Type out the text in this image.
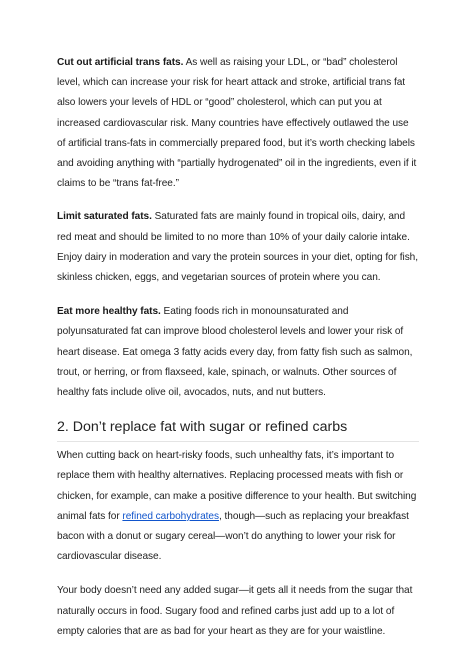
Cut out artificial trans fats. As well as raising your LDL, or “bad” cholesterol level, which can increase your risk for heart attack and stroke, artificial trans fat also lowers your levels of HDL or “good” cholesterol, which can put you at increased cardiovascular risk. Many countries have effectively outlawed the use of artificial trans-fats in commercially prepared food, but it’s worth checking labels and avoiding anything with “partially hydrogenated” oil in the ingredients, even if it claims to be “trans fat-free.”

Limit saturated fats. Saturated fats are mainly found in tropical oils, dairy, and red meat and should be limited to no more than 10% of your daily calorie intake. Enjoy dairy in moderation and vary the protein sources in your diet, opting for fish, skinless chicken, eggs, and vegetarian sources of protein where you can.

Eat more healthy fats. Eating foods rich in monounsaturated and polyunsaturated fat can improve blood cholesterol levels and lower your risk of heart disease. Eat omega 3 fatty acids every day, from fatty fish such as salmon, trout, or herring, or from flaxseed, kale, spinach, or walnuts. Other sources of healthy fats include olive oil, avocados, nuts, and nut butters.

2. Don’t replace fat with sugar or refined carbs

When cutting back on heart-risky foods, such unhealthy fats, it’s important to replace them with healthy alternatives. Replacing processed meats with fish or chicken, for example, can make a positive difference to your health. But switching animal fats for refined carbohydrates, though—such as replacing your breakfast bacon with a donut or sugary cereal—won’t do anything to lower your risk for cardiovascular disease.

Your body doesn’t need any added sugar—it gets all it needs from the sugar that naturally occurs in food. Sugary food and refined carbs just add up to a lot of empty calories that are as bad for your heart as they are for your waistline.
